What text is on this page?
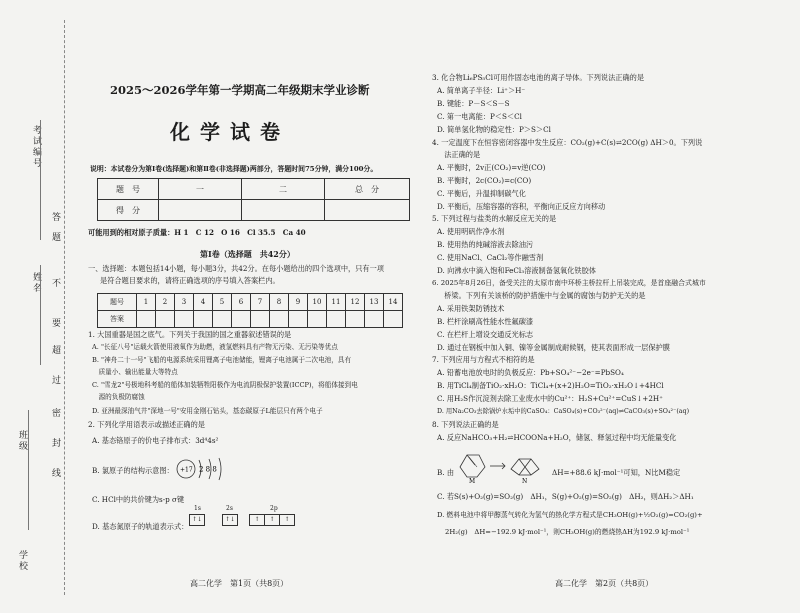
考试编号
姓名
班级
学校
答
题
不
要
超
过
密
封
线
2025～2026学年第一学期高二年级期末学业诊断
化学试卷
说明：本试卷分为第Ⅰ卷(选择题)和第Ⅱ卷(非选择题)两部分，答题时间75分钟，满分100分。
题　号	一	二	总　分
得　分			
可能用到的相对原子质量：H 1　C 12　O 16　Cl 35.5　Ca 40
第Ⅰ卷（选择题　共42分）
一、选择题：本题包括14小题，每小题3分，共42分。在每小题给出的四个选项中，只有一项
是符合题目要求的，请将正确选项的序号填入答案栏内。
题号	1	2	3	4	5	6	7	8	9	10	11	12	13	14
答案														
1. 大国重器是国之底气。下列关于我国的国之重器叙述错误的是
A. "长征八号"运载火箭使用液氧作为助燃，液氢燃料具有产物无污染、无污染等优点
B. "神舟二十一号"飞船的电源系统采用锂离子电池储能，锂离子电池属于二次电池，具有
　质量小、输出能量大等特点
C. "雪龙2"号极地科考船的船体加装牺牲阳极作为电流阴极保护装置(ICCP)，将船体接到电
　源的负极防腐蚀
D. 亚洲最深油气井"深地一号"安用金刚石钻头，基态碳原子L能层只有两个电子
2. 下列化学用语表示或描述正确的是
A. 基态铬原子的价电子排布式：3d⁴4s²
B. 氯原子的结构示意图： +17 2 8 8
C. HCl中的共价键为s-p σ键
D. 基态氮原子的轨道表示式：
1s	2s	2p
↑↓	↑↓	↑	↑	↑
高二化学　第1页（共8页）
3. 化合物Li₆PS₅Cl可用作固态电池的离子导体。下列说法正确的是
A. 简单离子半径：Li⁺＞H⁻
B. 键能：P－S＜S－S
C. 第一电离能：P＜S＜Cl
D. 简单氢化物的稳定性：P＞S＞Cl
4. 一定温度下在恒容密闭容器中发生反应：CO₂(g)+C(s)⇌2CO(g) ΔH＞0。下列说
　法正确的是
A. 平衡时，2v正(CO₂)=v逆(CO)
B. 平衡时，2c(CO₂)=c(CO)
C. 平衡后，升温抑制碳气化
D. 平衡后，压缩容器的容积，平衡向正反应方向移动
5. 下列过程与盐类的水解反应无关的是
A. 使用明矾作净水剂
B. 使用热的纯碱溶液去除油污
C. 使用NaCl、CaCl₂等作融雪剂
D. 向沸水中滴入饱和FeCl₃溶液制备氢氧化铁胶体
6. 2025年8月26日，备受关注的太原市南中环桥主桥拉杆上吊装完成，是首座融合式城市
　桥梁。下列有关该桥的防护措施中与金属的腐蚀与防护无关的是
A. 采用铁架防锈技术
B. 栏杆涂刷高性能水性氟碳漆
C. 在栏杆上增设交通反光标志
D. 通过在钢板中加入铜、镍等金属制成耐候钢，使其表面形成一层保护膜
7. 下列应用与方程式不相符的是
A. 铅蓄电池放电时的负极反应：Pb+SO₄²⁻−2e⁻=PbSO₄
B. 用TiCl₄制备TiO₂·xH₂O：TiCl₄+(x+2)H₂O=TiO₂·xH₂O↓+4HCl
C. 用H₂S作沉淀剂去除工业废水中的Cu²⁺：H₂S+Cu²⁺=CuS↓+2H⁺
D. 用Na₂CO₃去除锅炉水垢中的CaSO₄：CaSO₄(s)+CO₃²⁻(aq)⇌CaCO₃(s)+SO₄²⁻(aq)
8. 下列说法正确的是
A. 反应NaHCO₃+H₂⇌HCOONa+H₂O，储氢、释氢过程中均无能量变化
B. 由
M	N
ΔH=+88.6 kJ·mol⁻¹可知，N比M稳定
C. 若S(s)+O₂(g)=SO₂(g)　ΔH₁，S(g)+O₂(g)=SO₂(g)　ΔH₂，则ΔH₂＞ΔH₁
D. 燃料电池中将甲醇蒸气转化为氢气的热化学方程式是CH₃OH(g)+½O₂(g)=CO₂(g)+
2H₂(g)　ΔH=−192.9 kJ·mol⁻¹，则CH₃OH(g)的燃烧热ΔH为192.9 kJ·mol⁻¹
高二化学　第2页（共8页）
